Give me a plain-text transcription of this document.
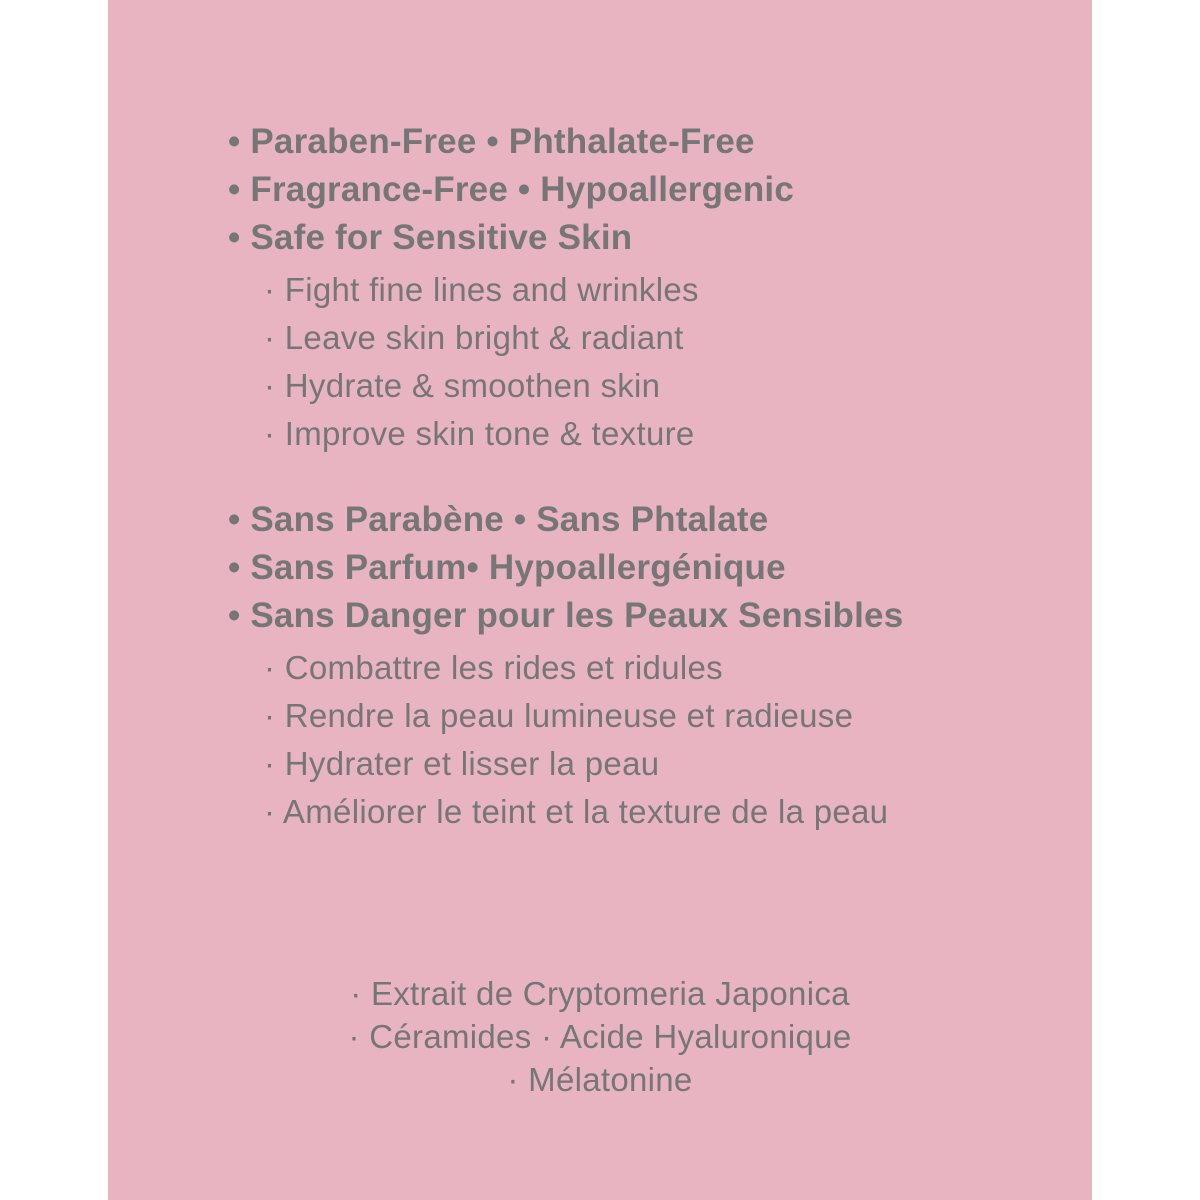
• Paraben-Free • Phthalate-Free
• Fragrance-Free • Hypoallergenic
• Safe for Sensitive Skin
· Fight fine lines and wrinkles
· Leave skin bright & radiant
· Hydrate & smoothen skin
· Improve skin tone & texture
• Sans Parabène • Sans Phtalate
• Sans Parfum• Hypoallergénique
• Sans Danger pour les Peaux Sensibles
· Combattre les rides et ridules
· Rendre la peau lumineuse et radieuse
· Hydrater et lisser la peau
· Améliorer le teint et la texture de la peau
· Extrait de Cryptomeria Japonica
· Céramides · Acide Hyaluronique
· Mélatonine
